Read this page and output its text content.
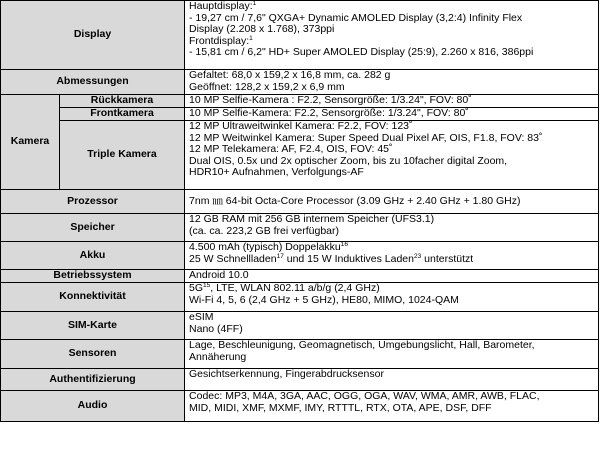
Display		Hauptdisplay:$^1$
- 19,27 cm / 7,6" QXGA+ Dynamic AMOLED Display (3,2:4) Infinity Flex
Display (2.208 x 1.768), 373ppi
Frontdisplay:$^1$
- 15,81 cm / 6,2" HD+ Super AMOLED Display (25:9), 2.260 x 816, 386ppi

Abmessungen		Gefaltet: 68,0 x 159,2 x 16,8 mm, ca. 282 g
Geöffnet: 128,2 x 159,2 x 6,9 mm

Kamera	Rückkamera	10 MP Selfie-Kamera : F2.2, Sensorgröße: 1/3.24", FOV: 80˚
	Frontkamera	10 MP Selfie-Kamera: F2.2, Sensorgröße: 1/3.24", FOV: 80˚
	Triple Kamera	12 MP Ultraweitwinkel Kamera: F2.2, FOV: 123˚
12 MP Weitwinkel Kamera: Super Speed Dual Pixel AF, OIS, F1.8, FOV: 83˚
12 MP Telekamera: AF, F2.4, OIS, FOV: 45˚
Dual OIS, 0.5x und 2x optischer Zoom, bis zu 10facher digital Zoom,
HDR10+ Aufnahmen, Verfolgungs-AF

Prozessor		7nm ㎚ 64-bit Octa-Core Processor (3.09 GHz + 2.40 GHz + 1.80 GHz)
Speicher		12 GB RAM mit 256 GB internem Speicher (UFS3.1)
(ca. ca. 223,2 GB frei verfügbar)

Akku		4.500 mAh (typisch) Doppelakku$^{16}$
25 W Schnellladen$^{17}$ und 15 W Induktives Laden$^{23}$ unterstützt

Betriebssystem		Android 10.0
Konnektivität		$5G^{15}$, LTE, WLAN 802.11 a/b/g (2,4 GHz)
Wi-Fi 4, 5, 6 (2,4 GHz + 5 GHz), HE80, MIMO, 1024-QAM

SIM-Karte		eSIM
Nano (4FF)

Sensoren		Lage, Beschleunigung, Geomagnetisch, Umgebungslicht, Hall, Barometer,
Annäherung

Authentifizierung		Gesichtserkennung, Fingerabdrucksensor
Audio		Codec: MP3, M4A, 3GA, AAC, OGG, OGA, WAV, WMA, AMR, AWB, FLAC,
MID, MIDI, XMF, MXMF, IMY, RTTTL, RTX, OTA, APE, DSF, DFF
